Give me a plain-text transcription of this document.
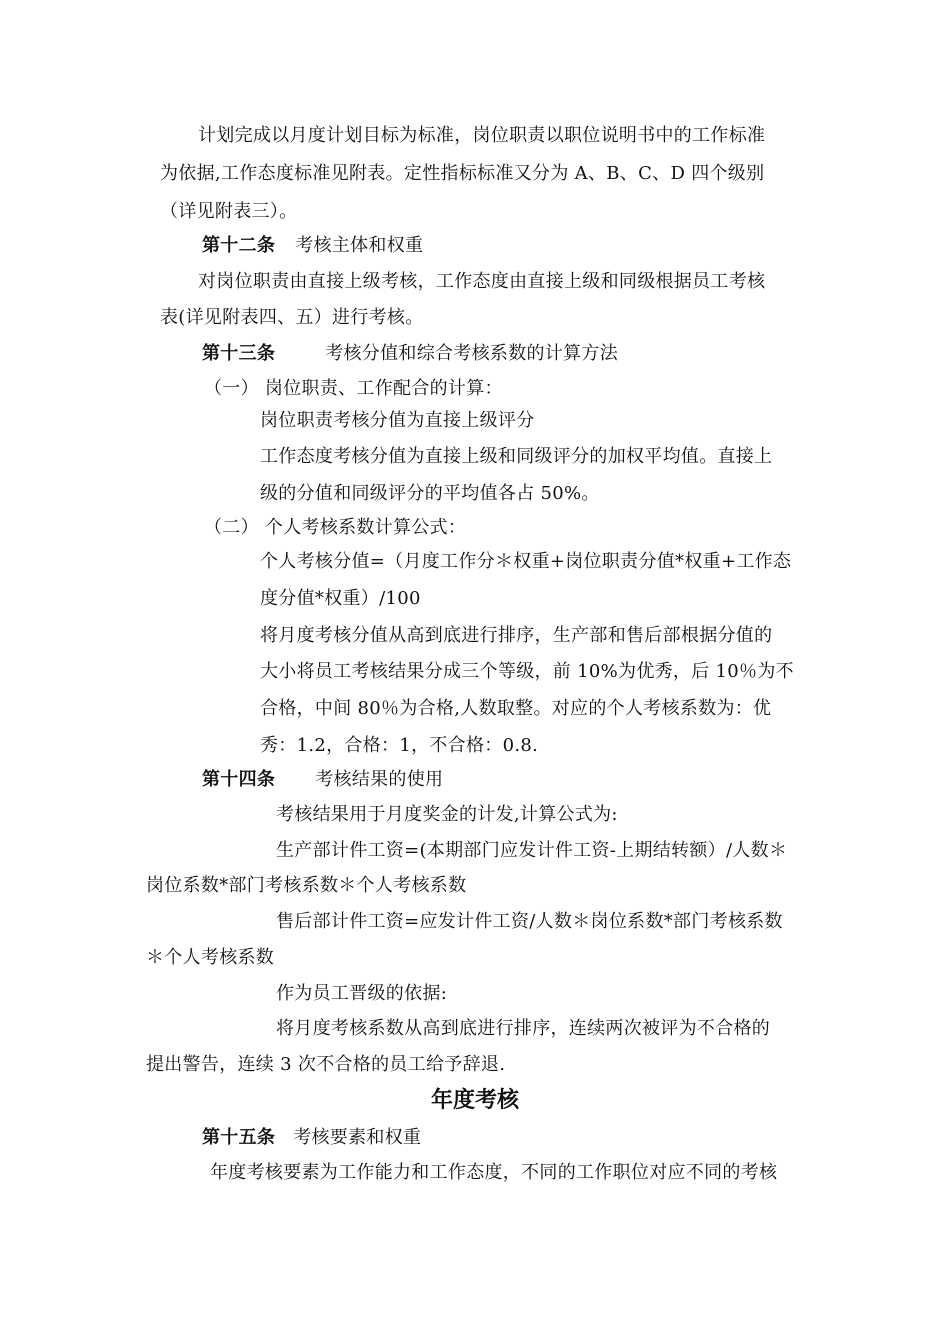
计划完成以月度计划目标为标准，岗位职责以职位说明书中的工作标准

为依据,工作态度标准见附表。定性指标标准又分为 A、B、C、D 四个级别

（详见附表三）。

第十二条 考核主体和权重

对岗位职责由直接上级考核，工作态度由直接上级和同级根据员工考核

表(详见附表四、五）进行考核。

第十三条	考核分值和综合考核系数的计算方法

（一） 岗位职责、工作配合的计算：

岗位职责考核分值为直接上级评分

工作态度考核分值为直接上级和同级评分的加权平均值。直接上

级的分值和同级评分的平均值各占 50%。

（二） 个人考核系数计算公式：

个人考核分值=（月度工作分＊权重+岗位职责分值*权重+工作态

度分值*权重）/100

将月度考核分值从高到底进行排序，生产部和售后部根据分值的

大小将员工考核结果分成三个等级，前 10%为优秀，后 10％为不

合格，中间 80％为合格,人数取整。对应的个人考核系数为：优

秀：1.2，合格：1，不合格：0.8.

第十四条 考核结果的使用

考核结果用于月度奖金的计发,计算公式为:

生产部计件工资=(本期部门应发计件工资-上期结转额）/人数＊

岗位系数*部门考核系数＊个人考核系数

售后部计件工资=应发计件工资/人数＊岗位系数*部门考核系数

＊个人考核系数

作为员工晋级的依据:

将月度考核系数从高到底进行排序，连续两次被评为不合格的

提出警告，连续 3 次不合格的员工给予辞退.

年度考核

第十五条 考核要素和权重

年度考核要素为工作能力和工作态度，不同的工作职位对应不同的考核
